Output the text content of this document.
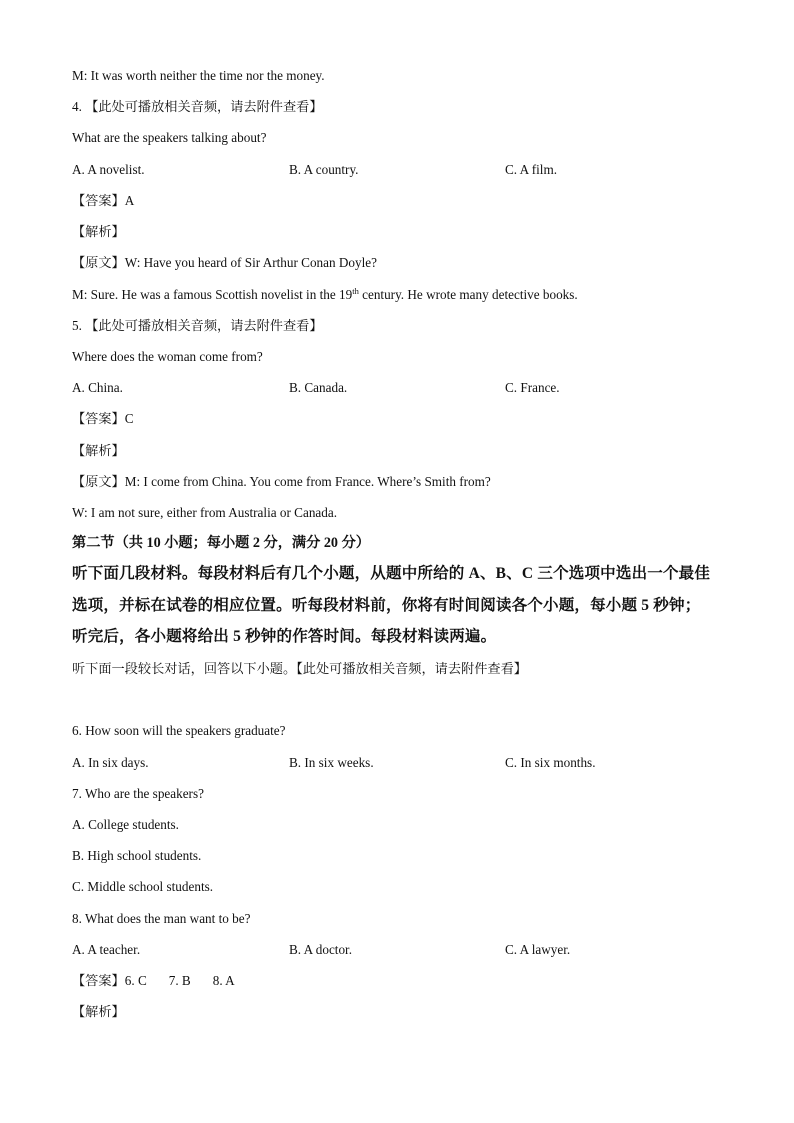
M: It was worth neither the time nor the money.
4. 【此处可播放相关音频，请去附件查看】
What are the speakers talking about?
A. A novelist.	B. A country.	C. A film.
【答案】A
【解析】
【原文】W: Have you heard of Sir Arthur Conan Doyle?
M: Sure. He was a famous Scottish novelist in the 19th century. He wrote many detective books.
5. 【此处可播放相关音频，请去附件查看】
Where does the woman come from?
A. China.	B. Canada.	C. France.
【答案】C
【解析】
【原文】M: I come from China. You come from France. Where’s Smith from?
W: I am not sure, either from Australia or Canada.
第二节（共 10 小题；每小题 2 分，满分 20 分）
听下面几段材料。每段材料后有几个小题，从题中所给的 A、B、C 三个选项中选出一个最佳
选项，并标在试卷的相应位置。听每段材料前，你将有时间阅读各个小题，每小题 5 秒钟；
听完后，各小题将给出 5 秒钟的作答时间。每段材料读两遍。
听下面一段较长对话，回答以下小题。【此处可播放相关音频，请去附件查看】
6. How soon will the speakers graduate?
A. In six days.	B. In six weeks.	C. In six months.
7. Who are the speakers?
A. College students.
B. High school students.
C. Middle school students.
8. What does the man want to be?
A. A teacher.	B. A doctor.	C. A lawyer.
【答案】6. C 7. B 8. A
【解析】
